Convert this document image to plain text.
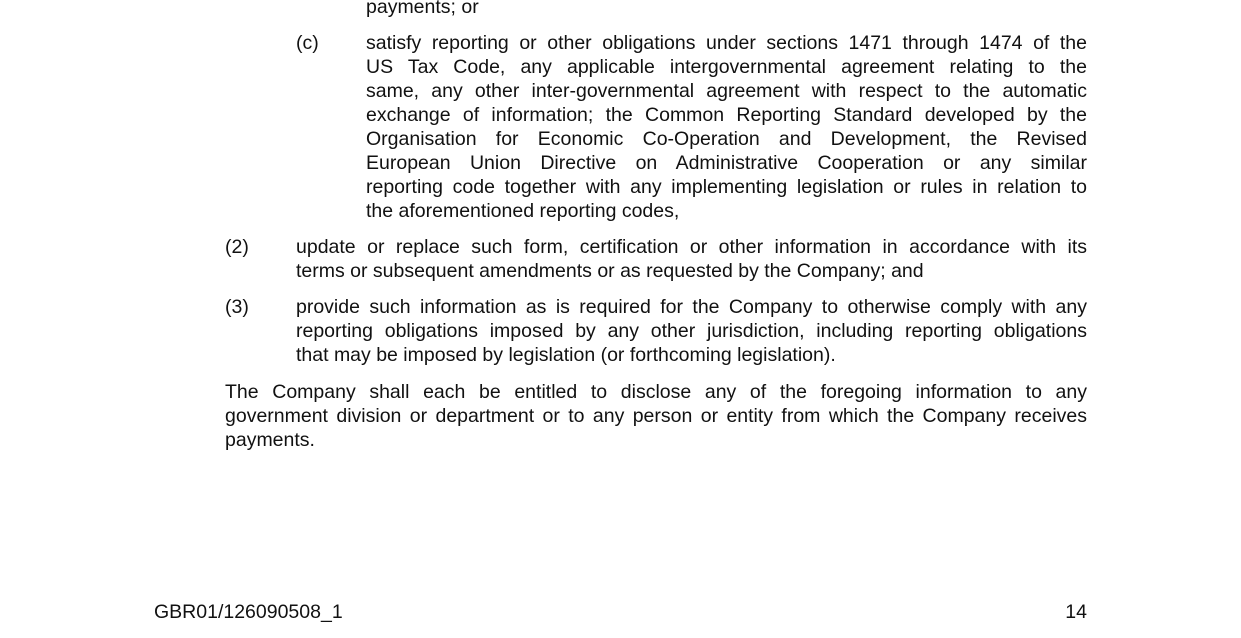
payments; or
(c) satisfy reporting or other obligations under sections 1471 through 1474 of the
US Tax Code, any applicable intergovernmental agreement relating to the
same, any other inter-governmental agreement with respect to the automatic
exchange of information; the Common Reporting Standard developed by the
Organisation for Economic Co-Operation and Development, the Revised
European Union Directive on Administrative Cooperation or any similar
reporting code together with any implementing legislation or rules in relation to
the aforementioned reporting codes,
(2) update or replace such form, certification or other information in accordance with its
terms or subsequent amendments or as requested by the Company; and
(3) provide such information as is required for the Company to otherwise comply with any
reporting obligations imposed by any other jurisdiction, including reporting obligations
that may be imposed by legislation (or forthcoming legislation).
The Company shall each be entitled to disclose any of the foregoing information to any
government division or department or to any person or entity from which the Company receives
payments.
GBR01/126090508_1	14
